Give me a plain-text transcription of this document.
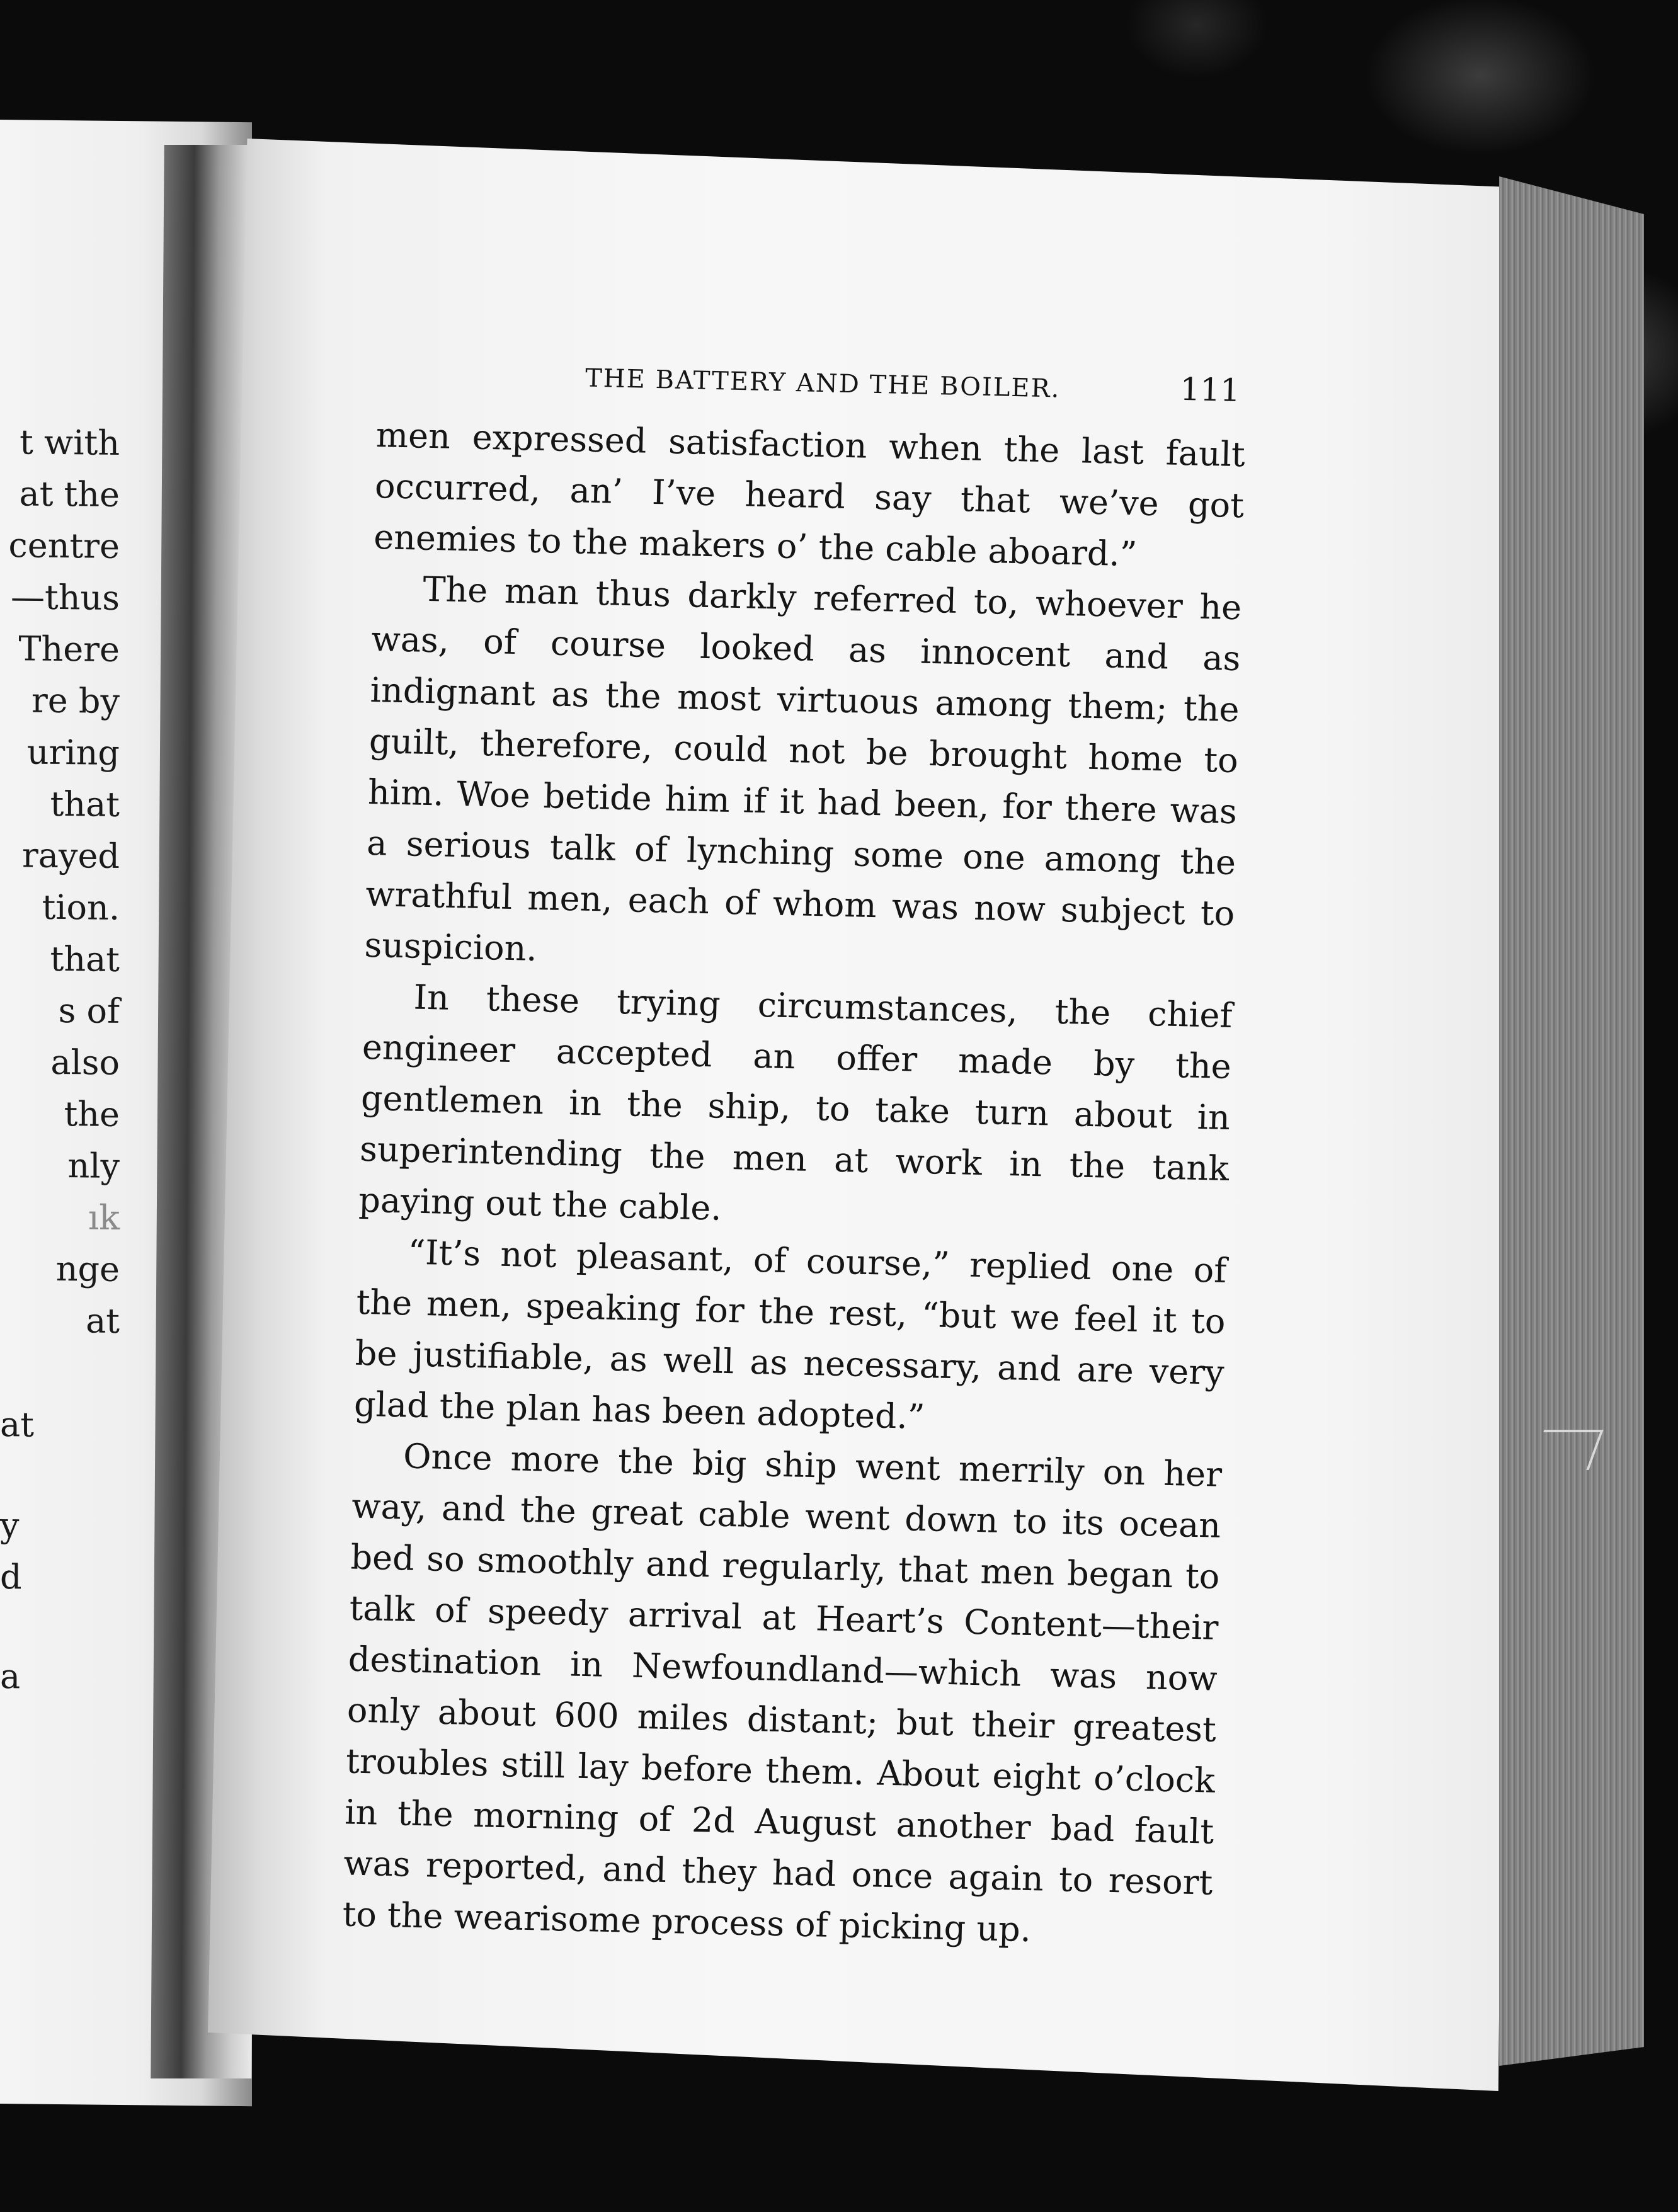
t with
at the
centre
—thus
There
re by
uring
that
rayed
tion.
that
s of
also
the
nly
ık
nge
at
at
y
d
a
THE BATTERY AND THE BOILER.	111

men expressed satisfaction when the last fault occurred, an’ I’ve heard say that we’ve got enemies to the makers o’ the cable aboard.”

The man thus darkly referred to, whoever he was, of course looked as innocent and as indignant as the most virtuous among them; the guilt, therefore, could not be brought home to him. Woe betide him if it had been, for there was a serious talk of lynching some one among the wrathful men, each of whom was now subject to suspicion.

In these trying circumstances, the chief engineer accepted an offer made by the gentlemen in the ship, to take turn about in superintending the men at work in the tank paying out the cable.

“It’s not pleasant, of course,” replied one of the men, speaking for the rest, “but we feel it to be justifiable, as well as necessary, and are very glad the plan has been adopted.”

Once more the big ship went merrily on her way, and the great cable went down to its ocean bed so smoothly and regularly, that men began to talk of speedy arrival at Heart’s Content—their destination in Newfoundland—which was now only about 600 miles distant; but their greatest troubles still lay before them. About eight o’clock in the morning of 2d August another bad fault was reported, and they had once again to resort to the wearisome process of picking up.
